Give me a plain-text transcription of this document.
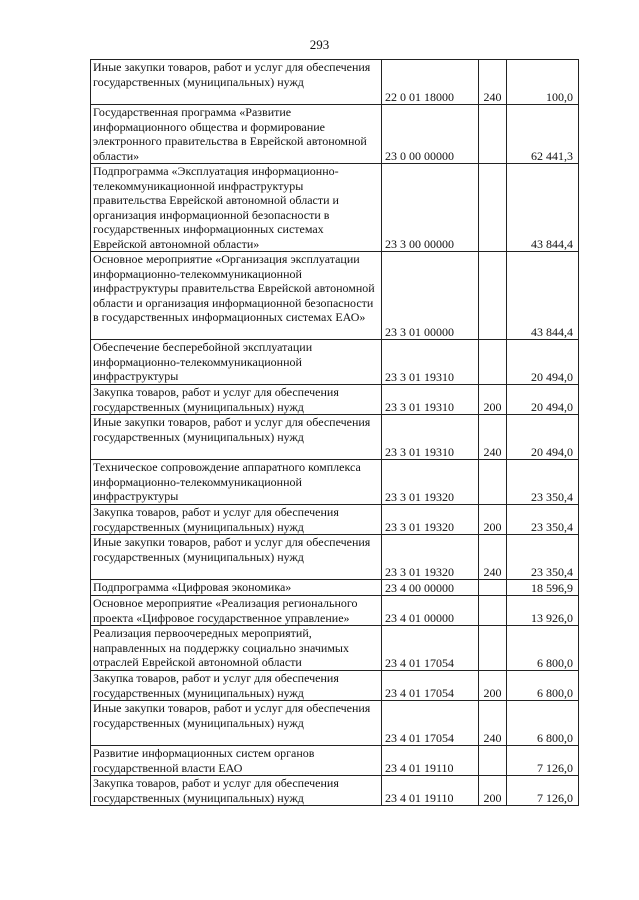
293
Иные закупки товаров, работ и услуг для обеспечения государственных (муниципальных) нужд	22 0 01 18000	240	100,0
Государственная программа «Развитие информационного общества и формирование электронного правительства в Еврейской автономной области»	23 0 00 00000		62 441,3
Подпрограмма «Эксплуатация информационно-телекоммуникационной инфраструктуры правительства Еврейской автономной области и организация информационной безопасности в государственных информационных системах Еврейской автономной области»	23 3 00 00000		43 844,4
Основное мероприятие «Организация эксплуатации информационно-телекоммуникационной инфраструктуры правительства Еврейской автономной области и организация информационной безопасности в государственных информационных системах ЕАО»	23 3 01 00000		43 844,4
Обеспечение бесперебойной эксплуатации информационно-телекоммуникационной инфраструктуры	23 3 01 19310		20 494,0
Закупка товаров, работ и услуг для обеспечения государственных (муниципальных) нужд	23 3 01 19310	200	20 494,0
Иные закупки товаров, работ и услуг для обеспечения государственных (муниципальных) нужд	23 3 01 19310	240	20 494,0
Техническое сопровождение аппаратного комплекса информационно-телекоммуникационной инфраструктуры	23 3 01 19320		23 350,4
Закупка товаров, работ и услуг для обеспечения государственных (муниципальных) нужд	23 3 01 19320	200	23 350,4
Иные закупки товаров, работ и услуг для обеспечения государственных (муниципальных) нужд	23 3 01 19320	240	23 350,4
Подпрограмма «Цифровая экономика»	23 4 00 00000		18 596,9
Основное мероприятие «Реализация регионального проекта «Цифровое государственное управление»	23 4 01 00000		13 926,0
Реализация первоочередных мероприятий, направленных на поддержку социально значимых отраслей Еврейской автономной области	23 4 01 17054		6 800,0
Закупка товаров, работ и услуг для обеспечения государственных (муниципальных) нужд	23 4 01 17054	200	6 800,0
Иные закупки товаров, работ и услуг для обеспечения государственных (муниципальных) нужд	23 4 01 17054	240	6 800,0
Развитие информационных систем органов государственной власти ЕАО	23 4 01 19110		7 126,0
Закупка товаров, работ и услуг для обеспечения государственных (муниципальных) нужд	23 4 01 19110	200	7 126,0
